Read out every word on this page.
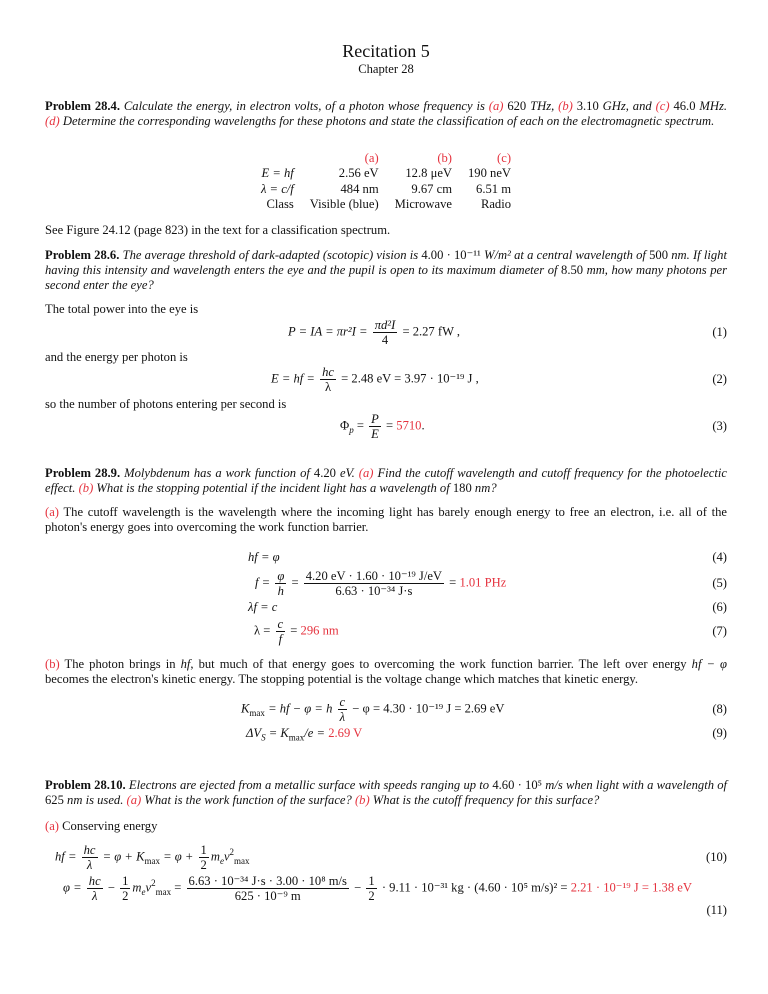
Recitation 5
Chapter 28
Problem 28.4. Calculate the energy, in electron volts, of a photon whose frequency is (a) 620 THz, (b) 3.10 GHz, and (c) 46.0 MHz. (d) Determine the corresponding wavelengths for these photons and state the classification of each on the electromagnetic spectrum.
	(a)	(b)	(c)
E = hf	2.56 eV	12.8 μeV	190 neV
λ = c/f	484 nm	9.67 cm	6.51 m
Class	Visible (blue)	Microwave	Radio
See Figure 24.12 (page 823) in the text for a classification spectrum.
Problem 28.6. The average threshold of dark-adapted (scotopic) vision is 4.00 · 10⁻¹¹ W/m² at a central wavelength of 500 nm. If light having this intensity and wavelength enters the eye and the pupil is open to its maximum diameter of 8.50 mm, how many photons per second enter the eye?
The total power into the eye is
P = IA = $\pi r^2I = \frac{\text{πd²I}}{4} = 2.27$ fW ,	(1)
and the energy per photon is
E = hf = $\frac{hc}{\lambda} = 2.48$ eV = 3.97 · 10⁻¹⁹ J ,	(2)
so the number of photons entering per second is
$\Phi_p = \frac{P}{E} = 5710$.	(3)
Problem 28.9. Molybdenum has a work function of 4.20 eV. (a) Find the cutoff wavelength and cutoff frequency for the photoelectic effect. (b) What is the stopping potential if the incident light has a wavelength of 180 nm?
(a) The cutoff wavelength is the wavelength where the incoming light has barely enough energy to free an electron, i.e. all of the photon's energy goes into overcoming the work function barrier.
hf = φ	(4)
$f = \frac{\varphi}{h} = \frac{\text{4.20 eV · 1.60 · 10⁻¹⁹ J/eV}}{\text{6.63 · 10⁻³⁴ J·s}} = 1.01$ PHz	(5)
λf = c	(6)
$\lambda = \frac{c}{f} = 296$ nm	(7)
(b) The photon brings in hf, but much of that energy goes to overcoming the work function barrier. The left over energy hf − φ becomes the electron's kinetic energy. The stopping potential is the voltage change which matches that kinetic energy.
$K_{max}$ = hf − φ = h $\frac{c}{\lambda} - \varphi = 4.30 \cdot 10^{-19}$ J = 2.69 eV	(8)
$\Delta V_S = K_{max}/e = 2.69$ V	(9)
Problem 28.10. Electrons are ejected from a metallic surface with speeds ranging up to 4.60 · 10⁵ m/s when light with a wavelength of 625 nm is used. (a) What is the work function of the surface? (b) What is the cutoff frequency for this surface?
(a) Conserving energy
hf = $\frac{hc}{\lambda} = \varphi + K_{max} = \varphi + \frac{1}{2} m_ev^2_{max}$	(10)
$\varphi = \frac{hc}{\lambda} - \frac{1}{2} m_ev^2_{max} = \frac{\text{6.63 · 10⁻³⁴ J·s · 3.00 · 10⁸ m/s}}{\text{625 · 10⁻⁹ m}} - \frac{1}{2} \cdot 9.11 \cdot 10^{-31}$ kg · (4.60 · 10⁵ m/s)² = 2.21 · 10⁻¹⁹ J = 1.38 eV
(11)
